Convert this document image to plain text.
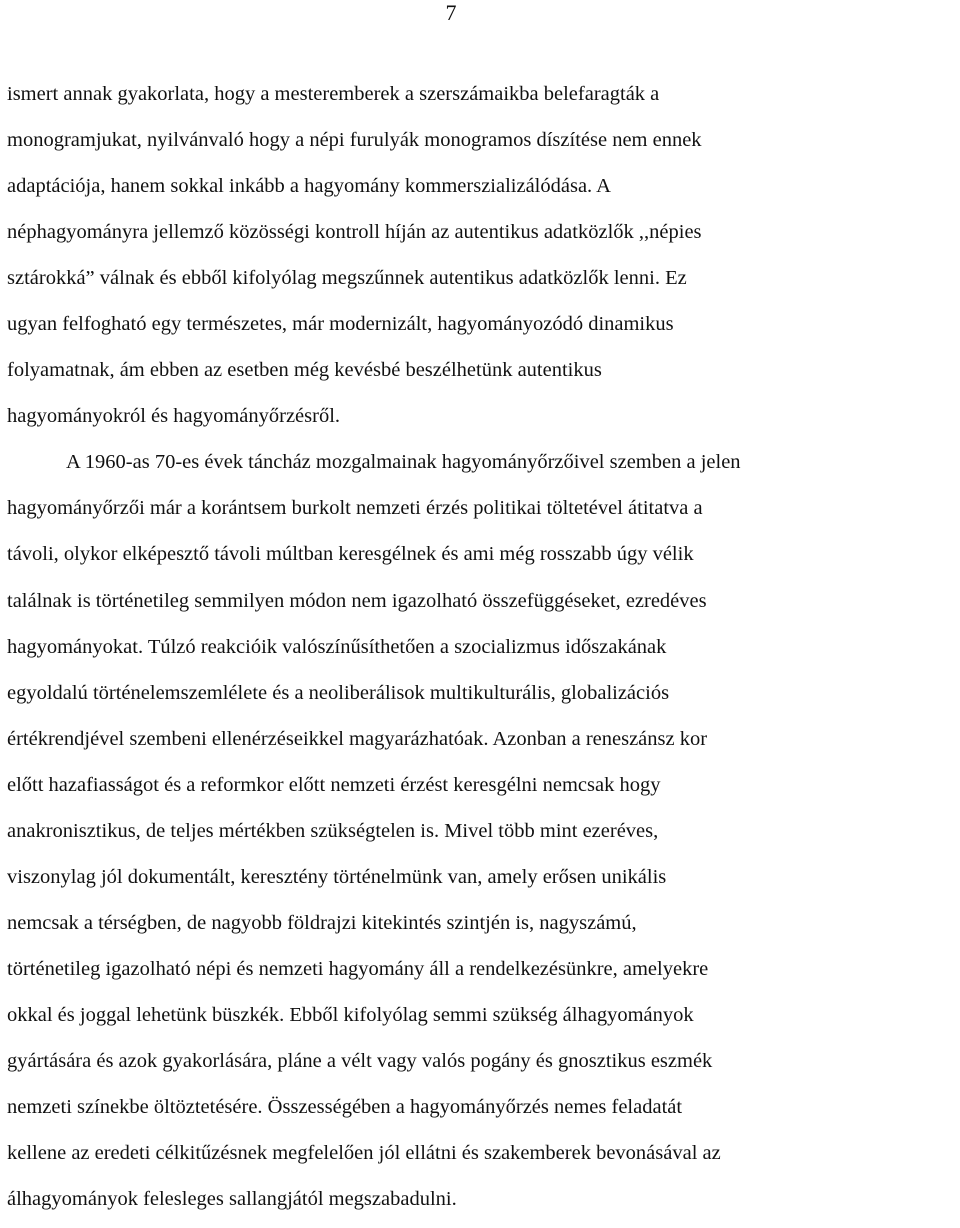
7
ismert annak gyakorlata, hogy a mesteremberek a szerszámaikba belefaragták a
monogramjukat, nyilvánvaló hogy a népi furulyák monogramos díszítése nem ennek
adaptációja, hanem sokkal inkább a hagyomány kommerszializálódása. A
néphagyományra jellemző közösségi kontroll híján az autentikus adatközlők ,,népies
sztárokká” válnak és ebből kifolyólag megszűnnek autentikus adatközlők lenni. Ez
ugyan felfogható egy természetes, már modernizált, hagyományozódó dinamikus
folyamatnak, ám ebben az esetben még kevésbé beszélhetünk autentikus
hagyományokról és hagyományőrzésről.
A 1960-as 70-es évek táncház mozgalmainak hagyományőrzőivel szemben a jelen
hagyományőrzői már a korántsem burkolt nemzeti érzés politikai töltetével átitatva a
távoli, olykor elképesztő távoli múltban keresgélnek és ami még rosszabb úgy vélik
találnak is történetileg semmilyen módon nem igazolható összefüggéseket, ezredéves
hagyományokat. Túlzó reakcióik valószínűsíthetően a szocializmus időszakának
egyoldalú történelemszemlélete és a neoliberálisok multikulturális, globalizációs
értékrendjével szembeni ellenérzéseikkel magyarázhatóak. Azonban a reneszánsz kor
előtt hazafiasságot és a reformkor előtt nemzeti érzést keresgélni nemcsak hogy
anakronisztikus, de teljes mértékben szükségtelen is. Mivel több mint ezeréves,
viszonylag jól dokumentált, keresztény történelmünk van, amely erősen unikális
nemcsak a térségben, de nagyobb földrajzi kitekintés szintjén is, nagyszámú,
történetileg igazolható népi és nemzeti hagyomány áll a rendelkezésünkre, amelyekre
okkal és joggal lehetünk büszkék. Ebből kifolyólag semmi szükség álhagyományok
gyártására és azok gyakorlására, pláne a vélt vagy valós pogány és gnosztikus eszmék
nemzeti színekbe öltöztetésére. Összességében a hagyományőrzés nemes feladatát
kellene az eredeti célkitűzésnek megfelelően jól ellátni és szakemberek bevonásával az
álhagyományok felesleges sallangjától megszabadulni.
